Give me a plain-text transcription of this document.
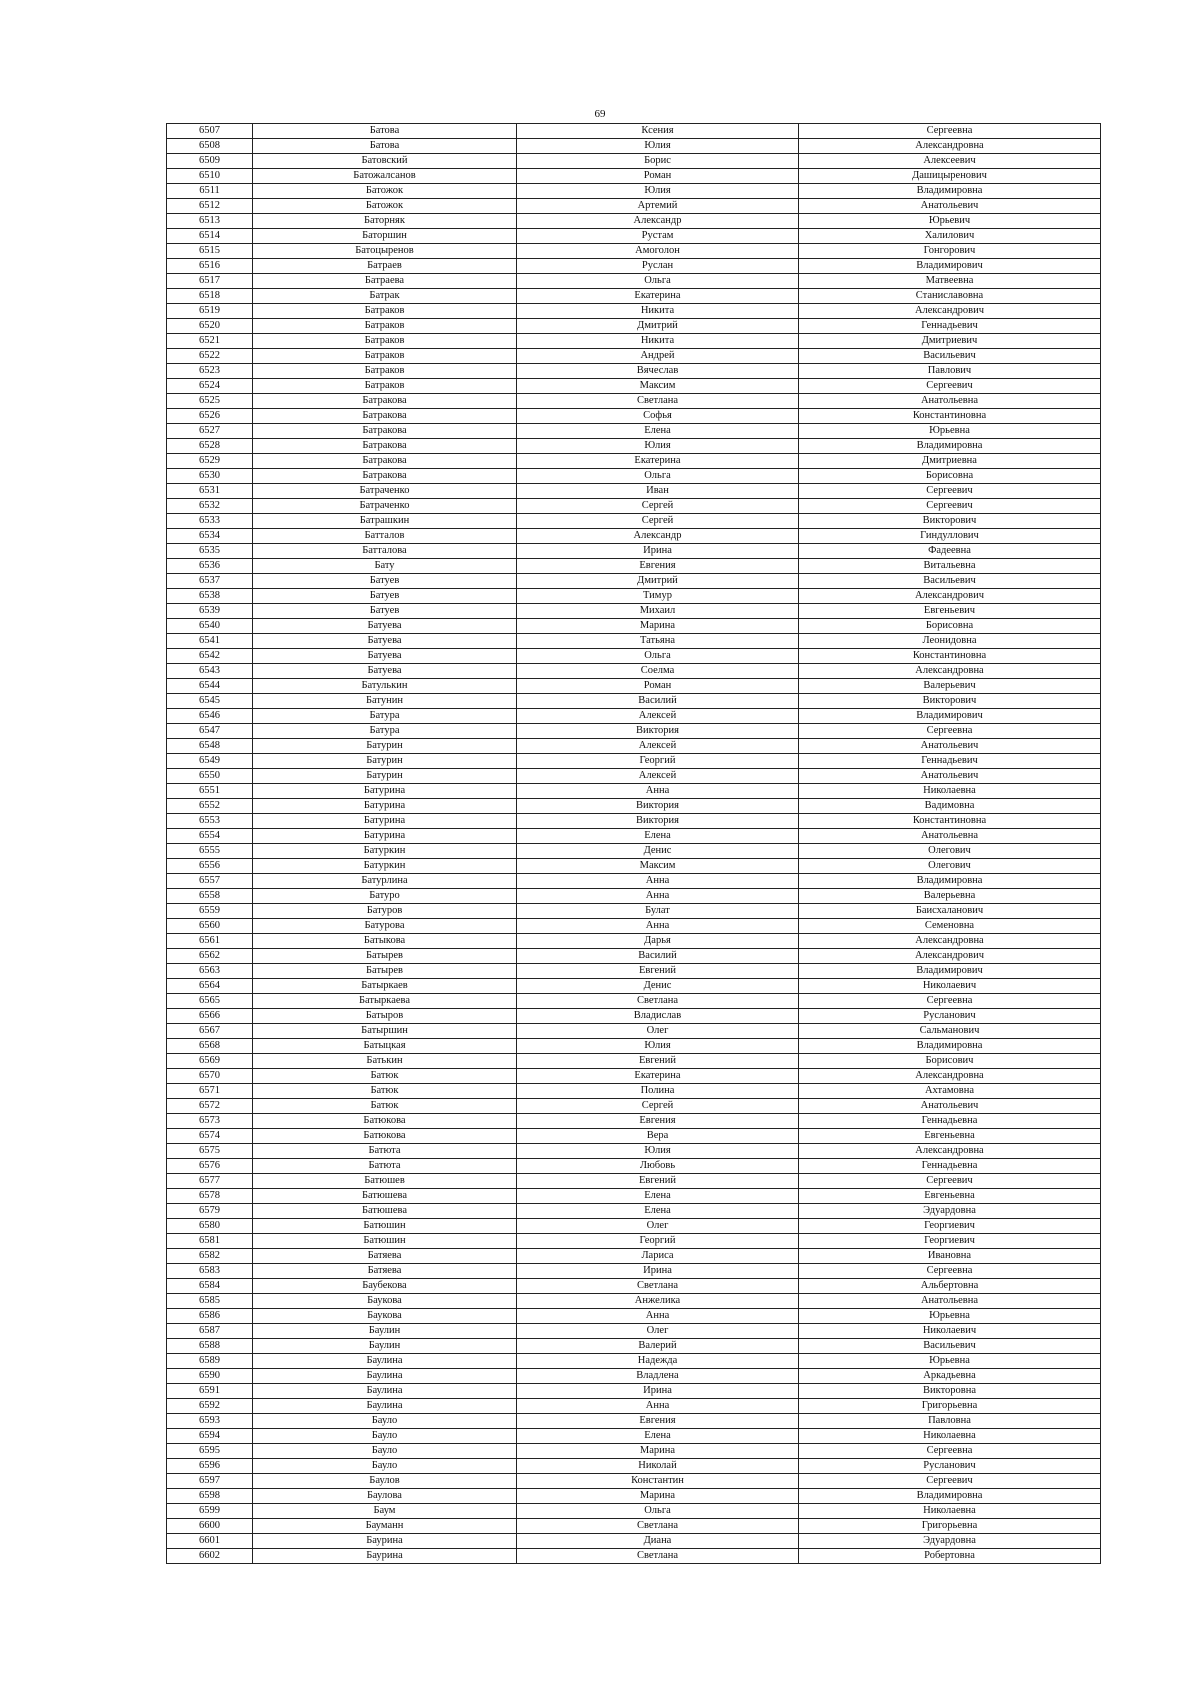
69
6507	Батова	Ксения	Сергеевна
6508	Батова	Юлия	Александровна
6509	Батовский	Борис	Алексеевич
6510	Батожалсанов	Роман	Дашицыренович
6511	Батожок	Юлия	Владимировна
6512	Батожок	Артемий	Анатольевич
6513	Баторняк	Александр	Юрьевич
6514	Баторшин	Рустам	Халилович
6515	Батоцыренов	Амоголон	Гонгорович
6516	Батраев	Руслан	Владимирович
6517	Батраева	Ольга	Матвеевна
6518	Батрак	Екатерина	Станиславовна
6519	Батраков	Никита	Александрович
6520	Батраков	Дмитрий	Геннадьевич
6521	Батраков	Никита	Дмитриевич
6522	Батраков	Андрей	Васильевич
6523	Батраков	Вячеслав	Павлович
6524	Батраков	Максим	Сергеевич
6525	Батракова	Светлана	Анатольевна
6526	Батракова	Софья	Константиновна
6527	Батракова	Елена	Юрьевна
6528	Батракова	Юлия	Владимировна
6529	Батракова	Екатерина	Дмитриевна
6530	Батракова	Ольга	Борисовна
6531	Батраченко	Иван	Сергеевич
6532	Батраченко	Сергей	Сергеевич
6533	Батрашкин	Сергей	Викторович
6534	Батталов	Александр	Гиндуллович
6535	Батталова	Ирина	Фадеевна
6536	Бату	Евгения	Витальевна
6537	Батуев	Дмитрий	Васильевич
6538	Батуев	Тимур	Александрович
6539	Батуев	Михаил	Евгеньевич
6540	Батуева	Марина	Борисовна
6541	Батуева	Татьяна	Леонидовна
6542	Батуева	Ольга	Константиновна
6543	Батуева	Соелма	Александровна
6544	Батулькин	Роман	Валерьевич
6545	Батунин	Василий	Викторович
6546	Батура	Алексей	Владимирович
6547	Батура	Виктория	Сергеевна
6548	Батурин	Алексей	Анатольевич
6549	Батурин	Георгий	Геннадьевич
6550	Батурин	Алексей	Анатольевич
6551	Батурина	Анна	Николаевна
6552	Батурина	Виктория	Вадимовна
6553	Батурина	Виктория	Константиновна
6554	Батурина	Елена	Анатольевна
6555	Батуркин	Денис	Олегович
6556	Батуркин	Максим	Олегович
6557	Батурлина	Анна	Владимировна
6558	Батуро	Анна	Валерьевна
6559	Батуров	Булат	Баисхаланович
6560	Батурова	Анна	Семеновна
6561	Батыкова	Дарья	Александровна
6562	Батырев	Василий	Александрович
6563	Батырев	Евгений	Владимирович
6564	Батыркаев	Денис	Николаевич
6565	Батыркаева	Светлана	Сергеевна
6566	Батыров	Владислав	Русланович
6567	Батыршин	Олег	Сальманович
6568	Батыцкая	Юлия	Владимировна
6569	Батькин	Евгений	Борисович
6570	Батюк	Екатерина	Александровна
6571	Батюк	Полина	Ахтамовна
6572	Батюк	Сергей	Анатольевич
6573	Батюкова	Евгения	Геннадьевна
6574	Батюкова	Вера	Евгеньевна
6575	Батюта	Юлия	Александровна
6576	Батюта	Любовь	Геннадьевна
6577	Батюшев	Евгений	Сергеевич
6578	Батюшева	Елена	Евгеньевна
6579	Батюшева	Елена	Эдуардовна
6580	Батюшин	Олег	Георгиевич
6581	Батюшин	Георгий	Георгиевич
6582	Батяева	Лариса	Ивановна
6583	Батяева	Ирина	Сергеевна
6584	Баубекова	Светлана	Альбертовна
6585	Баукова	Анжелика	Анатольевна
6586	Баукова	Анна	Юрьевна
6587	Баулин	Олег	Николаевич
6588	Баулин	Валерий	Васильевич
6589	Баулина	Надежда	Юрьевна
6590	Баулина	Владлена	Аркадьевна
6591	Баулина	Ирина	Викторовна
6592	Баулина	Анна	Григорьевна
6593	Бауло	Евгения	Павловна
6594	Бауло	Елена	Николаевна
6595	Бауло	Марина	Сергеевна
6596	Бауло	Николай	Русланович
6597	Баулов	Константин	Сергеевич
6598	Баулова	Марина	Владимировна
6599	Баум	Ольга	Николаевна
6600	Бауманн	Светлана	Григорьевна
6601	Баурина	Диана	Эдуардовна
6602	Баурина	Светлана	Робертовна
